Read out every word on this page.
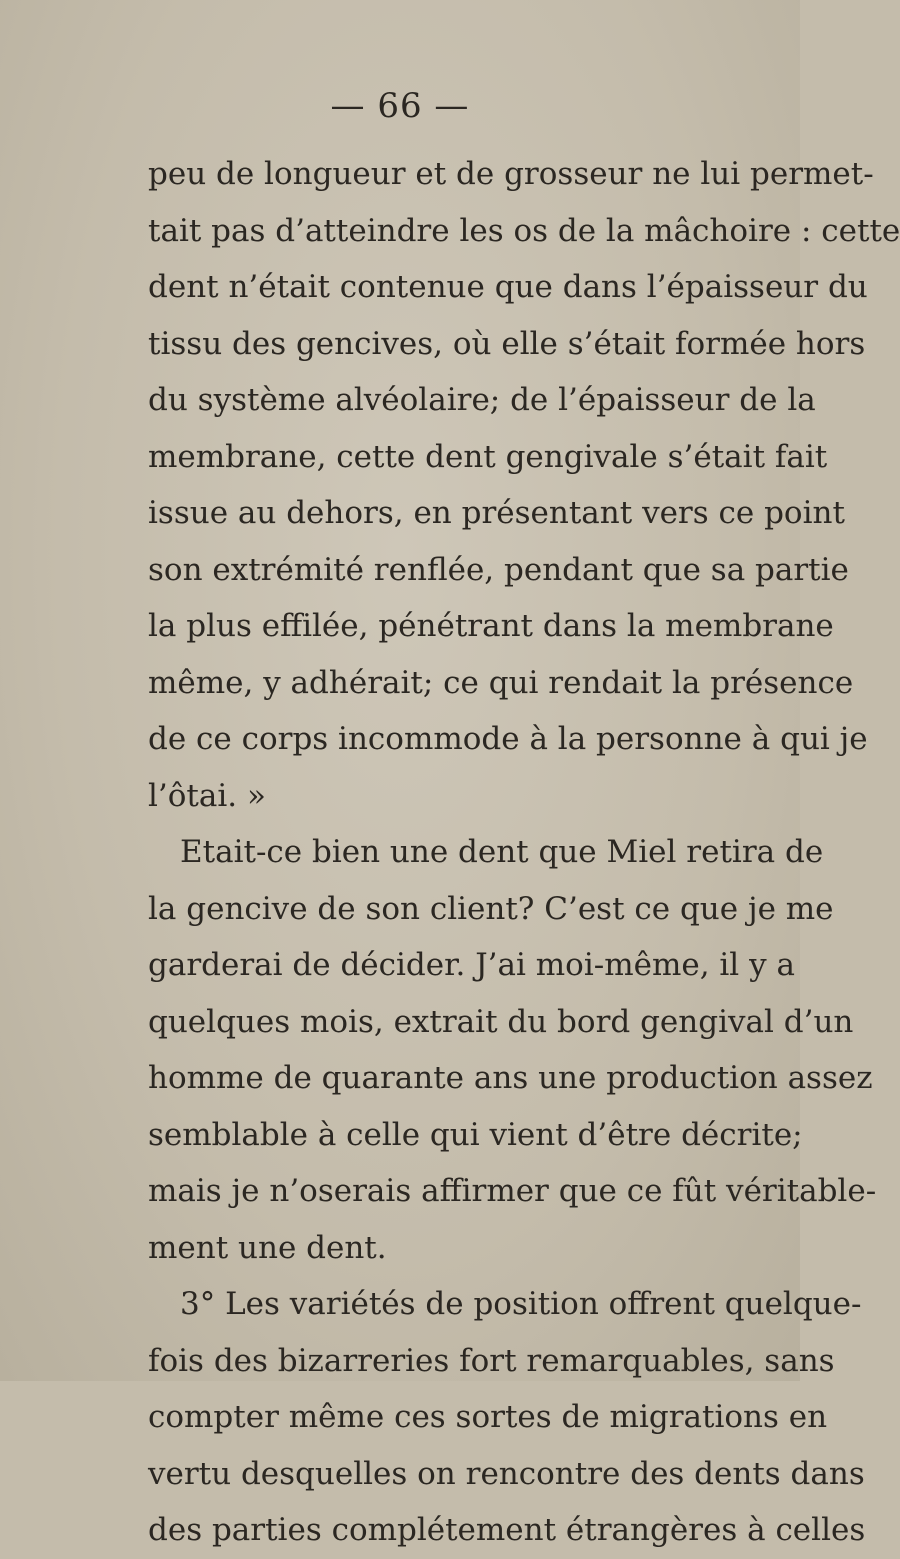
— 66 —
peu de longueur et de grosseur ne lui permet-
tait pas d’atteindre les os de la mâchoire : cette
dent n’était contenue que dans l’épaisseur du
tissu des gencives, où elle s’était formée hors
du système alvéolaire; de l’épaisseur de la
membrane, cette dent gengivale s’était fait
issue au dehors, en présentant vers ce point
son extrémité renflée, pendant que sa partie
la plus effilée, pénétrant dans la membrane
même, y adhérait; ce qui rendait la présence
de ce corps incommode à la personne à qui je
l’ôtai. »
Etait-ce bien une dent que Miel retira de
la gencive de son client? C’est ce que je me
garderai de décider. J’ai moi-même, il y a
quelques mois, extrait du bord gengival d’un
homme de quarante ans une production assez
semblable à celle qui vient d’être décrite;
mais je n’oserais affirmer que ce fût véritable-
ment une dent.
3° Les variétés de position offrent quelque-
fois des bizarreries fort remarquables, sans
compter même ces sortes de migrations en
vertu desquelles on rencontre des dents dans
des parties complétement étrangères à celles
